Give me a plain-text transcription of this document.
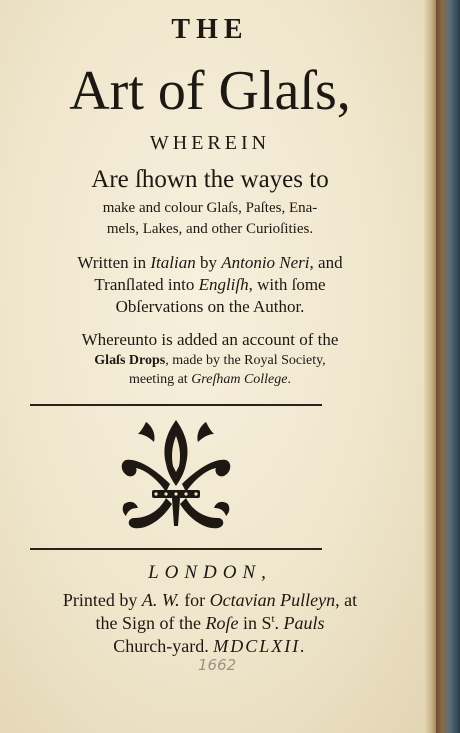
THE
Art of Glaſs,
WHEREIN
Are ſhown the wayes to
make and colour Glaſs, Paſtes, Ena-
mels, Lakes, and other Curioſities.
Written in Italian by Antonio Neri, and
Tranſlated into Engliſh, with ſome
Obſervations on the Author.
Whereunto is added an account of the
Glaſs Drops, made by the Royal Society,
meeting at Greſham College.
LONDON,
Printed by A. W. for Octavian Pulleyn, at
the Sign of the Roſe in $S^t$. Pauls
Church-yard. MDCLXII.
1662
